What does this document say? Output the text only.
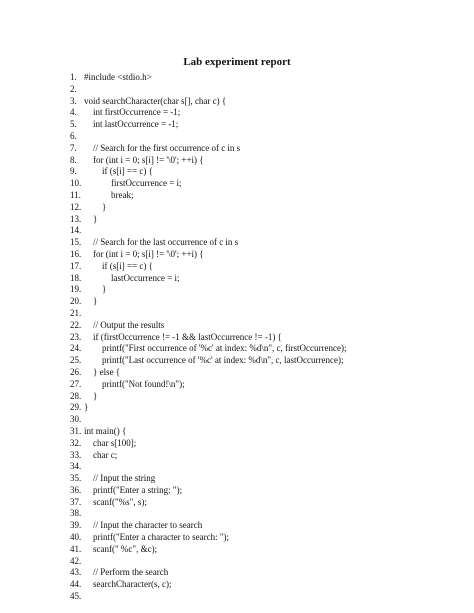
Lab experiment report
1. #include <stdio.h>
2.
3. void searchCharacter(char s[], char c) {
4.	int firstOccurrence = -1;
5.	int lastOccurrence = -1;
6.
7.	// Search for the first occurrence of c in s
8.	for (int i = 0; s[i] != '\0'; ++i) {
9.	if (s[i] == c) {
10.	firstOccurrence = i;
11.	break;
12.	}
13.	}
14.
15.	// Search for the last occurrence of c in s
16.	for (int i = 0; s[i] != '\0'; ++i) {
17.	if (s[i] == c) {
18.	lastOccurrence = i;
19.	}
20.	}
21.
22.	// Output the results
23.	if (firstOccurrence != -1 && lastOccurrence != -1) {
24.	printf("First occurrence of '%c' at index: %d\n", c, firstOccurrence);
25.	printf("Last occurrence of '%c' at index: %d\n", c, lastOccurrence);
26.	} else {
27.	printf("Not found!\n");
28.	}
29. }
30.
31. int main() {
32.	char s[100];
33.	char c;
34.
35.	// Input the string
36.	printf("Enter a string: ");
37.	scanf("%s", s);
38.
39.	// Input the character to search
40.	printf("Enter a character to search: ");
41.	scanf(" %c", &c);
42.
43.	// Perform the search
44.	searchCharacter(s, c);
45.
